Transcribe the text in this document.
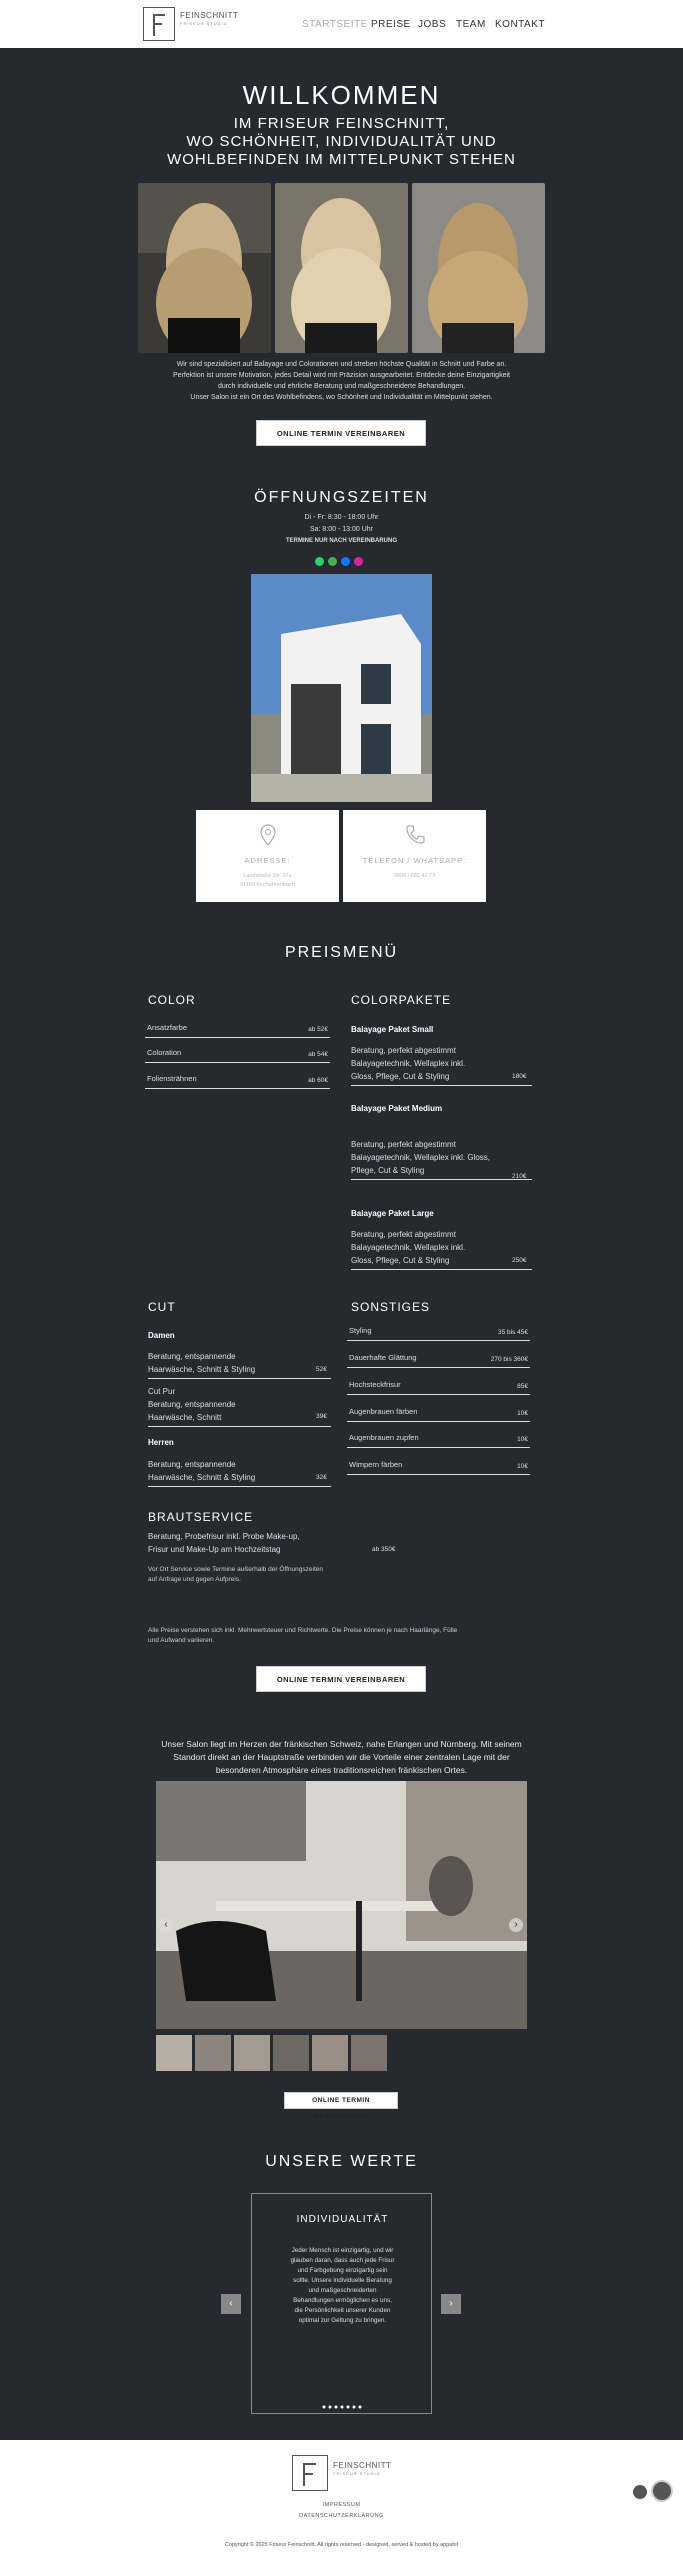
FEINSCHNITT
FRISEUR STUDIO	STARTSEITE PREISE JOBS TEAM KONTAKT
WILLKOMMEN
IM FRISEUR FEINSCHNITT,
WO SCHÖNHEIT, INDIVIDUALITÄT UND
WOHLBEFINDEN IM MITTELPUNKT STEHEN
Wir sind spezialisiert auf Balayage und Colorationen und streben höchste Qualität in Schnitt und Farbe an.
Perfektion ist unsere Motivation, jedes Detail wird mit Präzision ausgearbeitet. Entdecke deine Einzigartigkeit
durch individuelle und ehrliche Beratung und maßgeschneiderte Behandlungen.
Unser Salon ist ein Ort des Wohlbefindens, wo Schönheit und Individualität im Mittelpunkt stehen.
ONLINE TERMIN VEREINBAREN
ÖFFNUNGSZEITEN
Di - Fr: 8:30 - 18:00 Uhr
Sa: 8:00 - 13:00 Uhr
TERMINE NUR NACH VEREINBARUNG
ADRESSE:
Landstraße Str. 17a
91180 Kirchehrenbach
TELEFON / WHATSAPP:
0999 / 680 41 73
PREISMENÜ
COLOR
Ansatzfarbe	ab 52€
Coloration	ab 54€
Foliensträhnen	ab 60€
COLORPAKETE
Balayage Paket Small
Beratung, perfekt abgestimmt
Balayagetechnik, Wellaplex inkl.
Gloss, Pflege, Cut & Styling	180€
Balayage Paket Medium
Beratung, perfekt abgestimmt
Balayagetechnik, Wellaplex inkl. Gloss,
Pflege, Cut & Styling
210€
Balayage Paket Large
Beratung, perfekt abgestimmt
Balayagetechnik, Wellaplex inkl.
Gloss, Pflege, Cut & Styling	250€
CUT
Damen
Beratung, entspannende
Haarwäsche, Schnitt & Styling	52€
Cut Pur
Beratung, entspannende
Haarwäsche, Schnitt	39€
Herren
Beratung, entspannende
Haarwäsche, Schnitt & Styling	32€
SONSTIGES
Styling	35 bis 45€
Dauerhafte Glättung	270 bis 360€
Hochsteckfrisur	85€
Augenbrauen färben	10€
Augenbrauen zupfen	10€
Wimpern färben	10€
BRAUTSERVICE
Beratung, Probefrisur inkl. Probe Make-up,
Frisur und Make-Up am Hochzeitstag	ab 350€
Vor Ort Service sowie Termine außerhalb der Öffnungszeiten
auf Anfrage und gegen Aufpreis.
Alle Preise verstehen sich inkl. Mehrwertsteuer und Richtwerte. Die Preise können je nach Haarlänge, Fülle
und Aufwand variieren.
ONLINE TERMIN VEREINBAREN
Unser Salon liegt im Herzen der fränkischen Schweiz, nahe Erlangen und Nürnberg. Mit seinem
Standort direkt an der Hauptstraße verbinden wir die Vorteile einer zentralen Lage mit der
besonderen Atmosphäre eines traditionsreichen fränkischen Ortes.
‹	›
ONLINE TERMIN VEREINBAREN
UNSERE WERTE
INDIVIDUALITÄT
Jeder Mensch ist einzigartig, und wir
glauben daran, dass auch jede Frisur
und Farbgebung einzigartig sein
sollte. Unsere individuelle Beratung
und maßgeschneiderten
Behandlungen ermöglichen es uns,
die Persönlichkeit unserer Kunden
optimal zur Geltung zu bringen.
‹	›
FEINSCHNITT
FRISEUR STUDIO
IMPRESSUM
DATENSCHUTZERKLÄRUNG
Copyright © 2025 Friseur Feinschnitt. All rights reserved - designed, served & hosted by appabit
